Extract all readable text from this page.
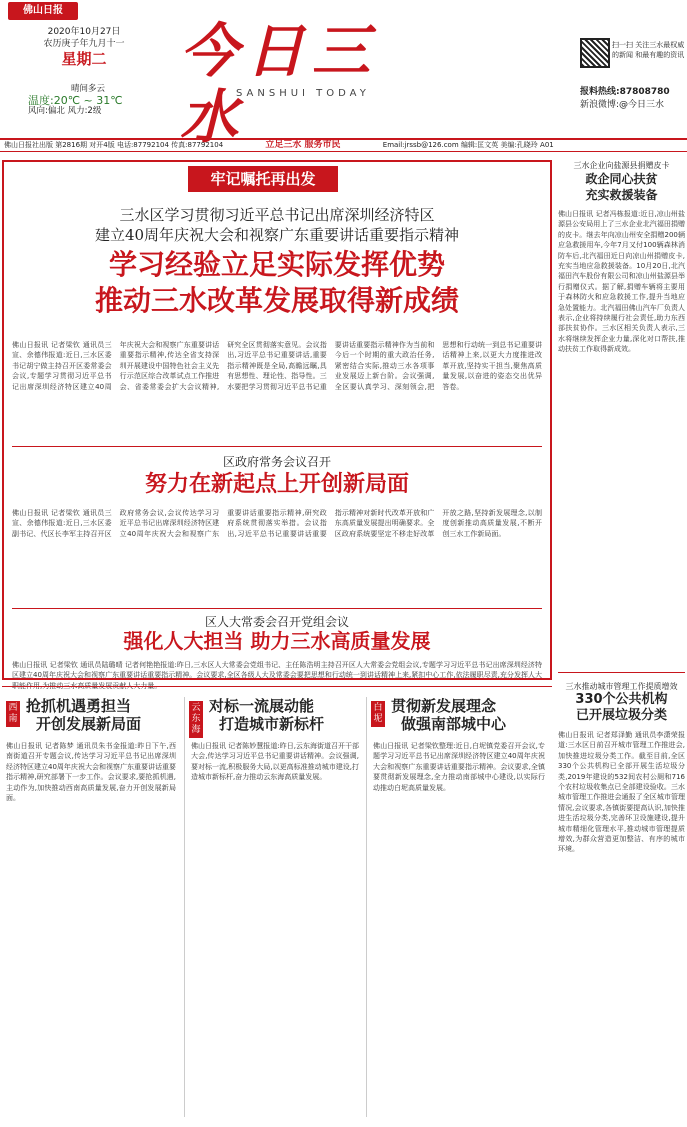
佛山日报
2020年10月27日
农历庚子年九月十一
星期二
晴间多云
温度:20℃ ~ 31℃
风向:偏北 风力:2级
今日三水
SANSHUI TODAY
扫一扫 关注三水最权威的新闻 和最有趣的资讯
报料热线:87808780
新浪微博:@今日三水
佛山日报社出版 第2816期 对开4版 电话:87792104 传真:87792104	立足三水 服务市民	Email:jrssb@126.com 编辑:匡文英 美编:孔晓玲 A01
牢记嘱托再出发
三水区学习贯彻习近平总书记出席深圳经济特区
建立40周年庆祝大会和视察广东重要讲话重要指示精神
学习经验立足实际发挥优势
推动三水改革发展取得新成绩
佛山日报讯 记者梁钦 通讯员三宣、余德伟报道:近日,三水区委书记胡宁做主持召开区委常委会会议,专题学习贯彻习近平总书记出席深圳经济特区建立40周年庆祝大会和视察广东重要讲话重要指示精神,传达全省支持深圳开展建设中国特色社会主义先行示范区综合改革试点工作推进会、省委常委会扩大会议精神,研究全区贯彻落实意见。会议指出,习近平总书记重要讲话,重要指示精神既是全局,高瞻远瞩,具有思想性、理论性、指导性。三水要把学习贯彻习近平总书记重要讲话重要指示精神作为当前和今后一个时期的重大政治任务,紧密结合实际,推动三水各项事业发展迈上新台阶。会议强调,全区要认真学习、深刻领会,把思想和行动统一到总书记重要讲话精神上来,以更大力度推进改革开放,坚持实干担当,聚焦高质量发展,以奋进的姿态交出优异答卷。
区政府常务会议召开
努力在新起点上开创新局面
佛山日报讯 记者梁钦 通讯员三宣、余德伟报道:近日,三水区委副书记、代区长李军主持召开区政府常务会议,会议传达学习习近平总书记出席深圳经济特区建立40周年庆祝大会和视察广东重要讲话重要指示精神,研究政府系统贯彻落实举措。会议指出,习近平总书记重要讲话重要指示精神对新时代改革开放和广东高质量发展提出明确要求。全区政府系统要坚定不移走好改革开放之路,坚持新发展理念,以制度创新推动高质量发展,不断开创三水工作新局面。
区人大常委会召开党组会议
强化人大担当 助力三水高质量发展
佛山日报讯 记者梁钦 通讯员陆璐晴 记者何艳艳报道:昨日,三水区人大常委会党组书记、主任陈浩明主持召开区人大常委会党组会议,专题学习习近平总书记出席深圳经济特区建立40周年庆祝大会和视察广东重要讲话重要指示精神。会议要求,全区各级人大及常委会要把思想和行动统一到讲话精神上来,紧扣中心工作,依法履职尽责,充分发挥人大职能作用,为推动三水高质量发展贡献人大力量。
西南
抢抓机遇勇担当
开创发展新局面
佛山日报讯 记者陈梦 通讯员朱书金报道:昨日下午,西南街道召开专题会议,传达学习习近平总书记出席深圳经济特区建立40周年庆祝大会和视察广东重要讲话重要指示精神,研究部署下一步工作。会议要求,要抢抓机遇,主动作为,加快推动西南高质量发展,奋力开创发展新局面。
云东海
对标一流展动能
打造城市新标杆
佛山日报讯 记者陈妙慧报道:昨日,云东海街道召开干部大会,传达学习习近平总书记重要讲话精神。会议强调,要对标一流,积极服务大局,以更高标准推动城市建设,打造城市新标杆,奋力推动云东海高质量发展。
白坭
贯彻新发展理念
做强南部城中心
佛山日报讯 记者梁钦整理:近日,白坭镇党委召开会议,专题学习习近平总书记出席深圳经济特区建立40周年庆祝大会和视察广东重要讲话重要指示精神。会议要求,全镇要贯彻新发展理念,全力推动南部城中心建设,以实际行动推动白坭高质量发展。
三水企业向盐源县捐赠皮卡
政企同心扶贫
充实救援装备
佛山日报讯 记者冯栋报道:近日,凉山州盐源县公安局用上了三水企业北汽福田捐赠的皮卡。继去年向凉山州安全捐赠200辆应急救援用车,今年7月又付100辆森林消防车后,北汽福田近日向凉山州捐赠皮卡,充实当地应急救援装备。10月20日,北汽福田汽车股份有限公司和凉山州盐源县举行捐赠仪式。据了解,捐赠车辆将主要用于森林防火和应急救援工作,提升当地应急处置能力。北汽福田佛山汽车厂负责人表示,企业将持续履行社会责任,助力东西部扶贫协作。三水区相关负责人表示,三水将继续发挥企业力量,深化对口帮扶,推动扶贫工作取得新成效。
三水推动城市管理工作提质增效
330个公共机构
已开展垃圾分类
佛山日报讯 记者郑泽勤 通讯员李潇荣报道:三水区日前召开城市管理工作推进会,加快推进垃圾分类工作。截至目前,全区330个公共机构已全部开展生活垃圾分类,2019年建设的532间农村公厕和716个农村垃圾收集点已全部建设验收。三水城市管理工作推进会通报了全区城市管理情况,会议要求,各镇街要提高认识,加快推进生活垃圾分类,完善环卫设施建设,提升城市精细化管理水平,推动城市管理提质增效,为群众营造更加整洁、有序的城市环境。
